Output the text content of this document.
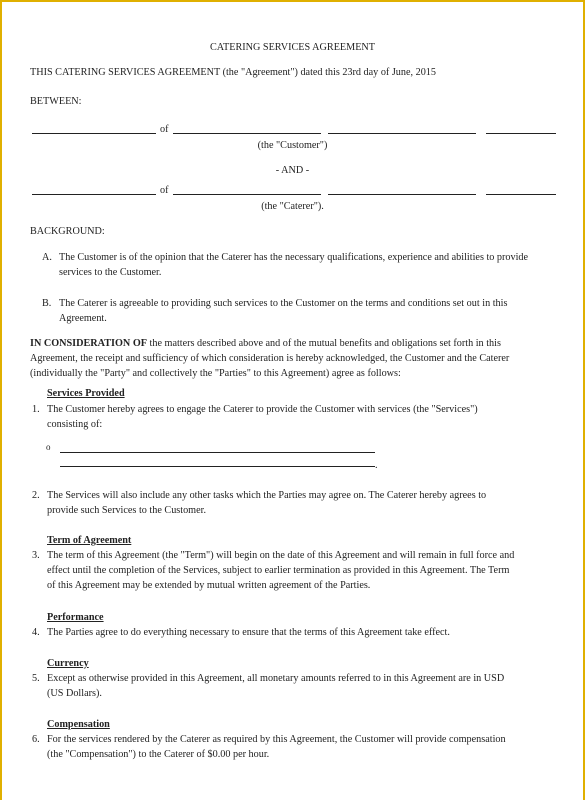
CATERING SERVICES AGREEMENT
THIS CATERING SERVICES AGREEMENT (the "Agreement") dated this 23rd day of June, 2015
BETWEEN:
of
(the "Customer")
- AND -
of
(the "Caterer").
BACKGROUND:
A. The Customer is of the opinion that the Caterer has the necessary qualifications, experience and abilities to provide
services to the Customer.
B. The Caterer is agreeable to providing such services to the Customer on the terms and conditions set out in this
Agreement.
IN CONSIDERATION OF the matters described above and of the mutual benefits and obligations set forth in this
Agreement, the receipt and sufficiency of which consideration is hereby acknowledged, the Customer and the Caterer
(individually the "Party" and collectively the "Parties" to this Agreement) agree as follows:
Services Provided
1. The Customer hereby agrees to engage the Caterer to provide the Customer with services (the "Services")
consisting of:
o
.
2. The Services will also include any other tasks which the Parties may agree on. The Caterer hereby agrees to
provide such Services to the Customer.
Term of Agreement
3. The term of this Agreement (the "Term") will begin on the date of this Agreement and will remain in full force and
effect until the completion of the Services, subject to earlier termination as provided in this Agreement. The Term
of this Agreement may be extended by mutual written agreement of the Parties.
Performance
4. The Parties agree to do everything necessary to ensure that the terms of this Agreement take effect.
Currency
5. Except as otherwise provided in this Agreement, all monetary amounts referred to in this Agreement are in USD
(US Dollars).
Compensation
6. For the services rendered by the Caterer as required by this Agreement, the Customer will provide compensation
(the "Compensation") to the Caterer of $0.00 per hour.
